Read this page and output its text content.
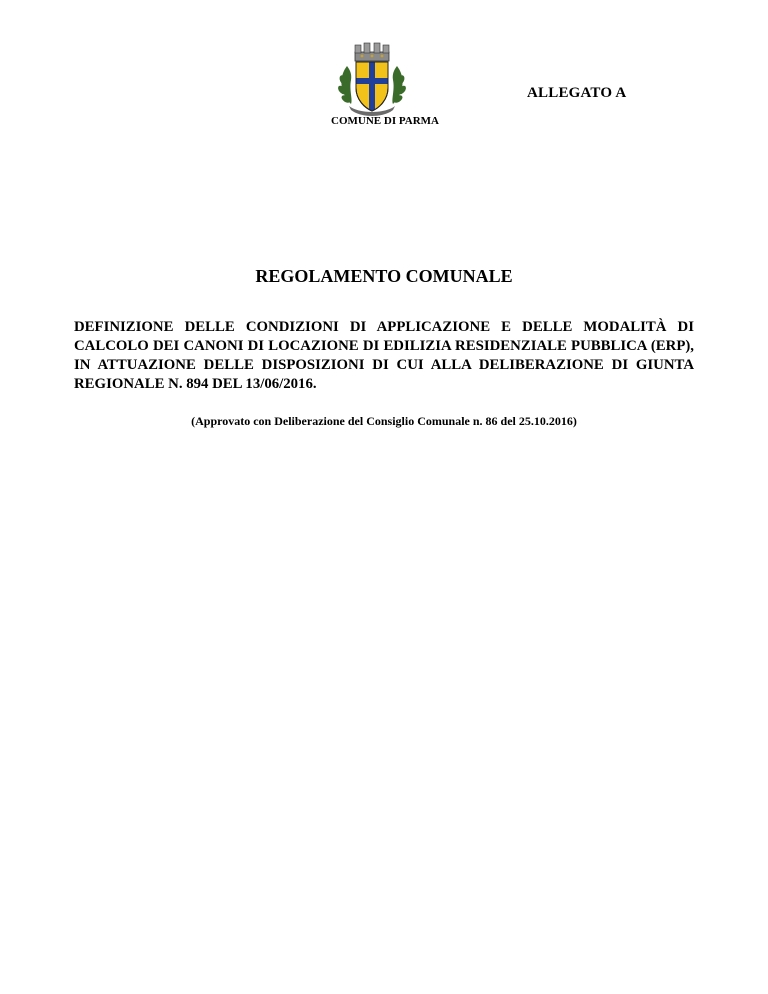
ALLEGATO A
COMUNE DI PARMA
REGOLAMENTO COMUNALE
DEFINIZIONE DELLE CONDIZIONI DI APPLICAZIONE E DELLE MODALITÀ DI CALCOLO DEI CANONI DI LOCAZIONE DI EDILIZIA RESIDENZIALE PUBBLICA (ERP), IN ATTUAZIONE DELLE DISPOSIZIONI DI CUI ALLA DELIBERAZIONE DI GIUNTA REGIONALE N. 894 DEL 13/06/2016.
(Approvato con Deliberazione del Consiglio Comunale n. 86 del 25.10.2016)
